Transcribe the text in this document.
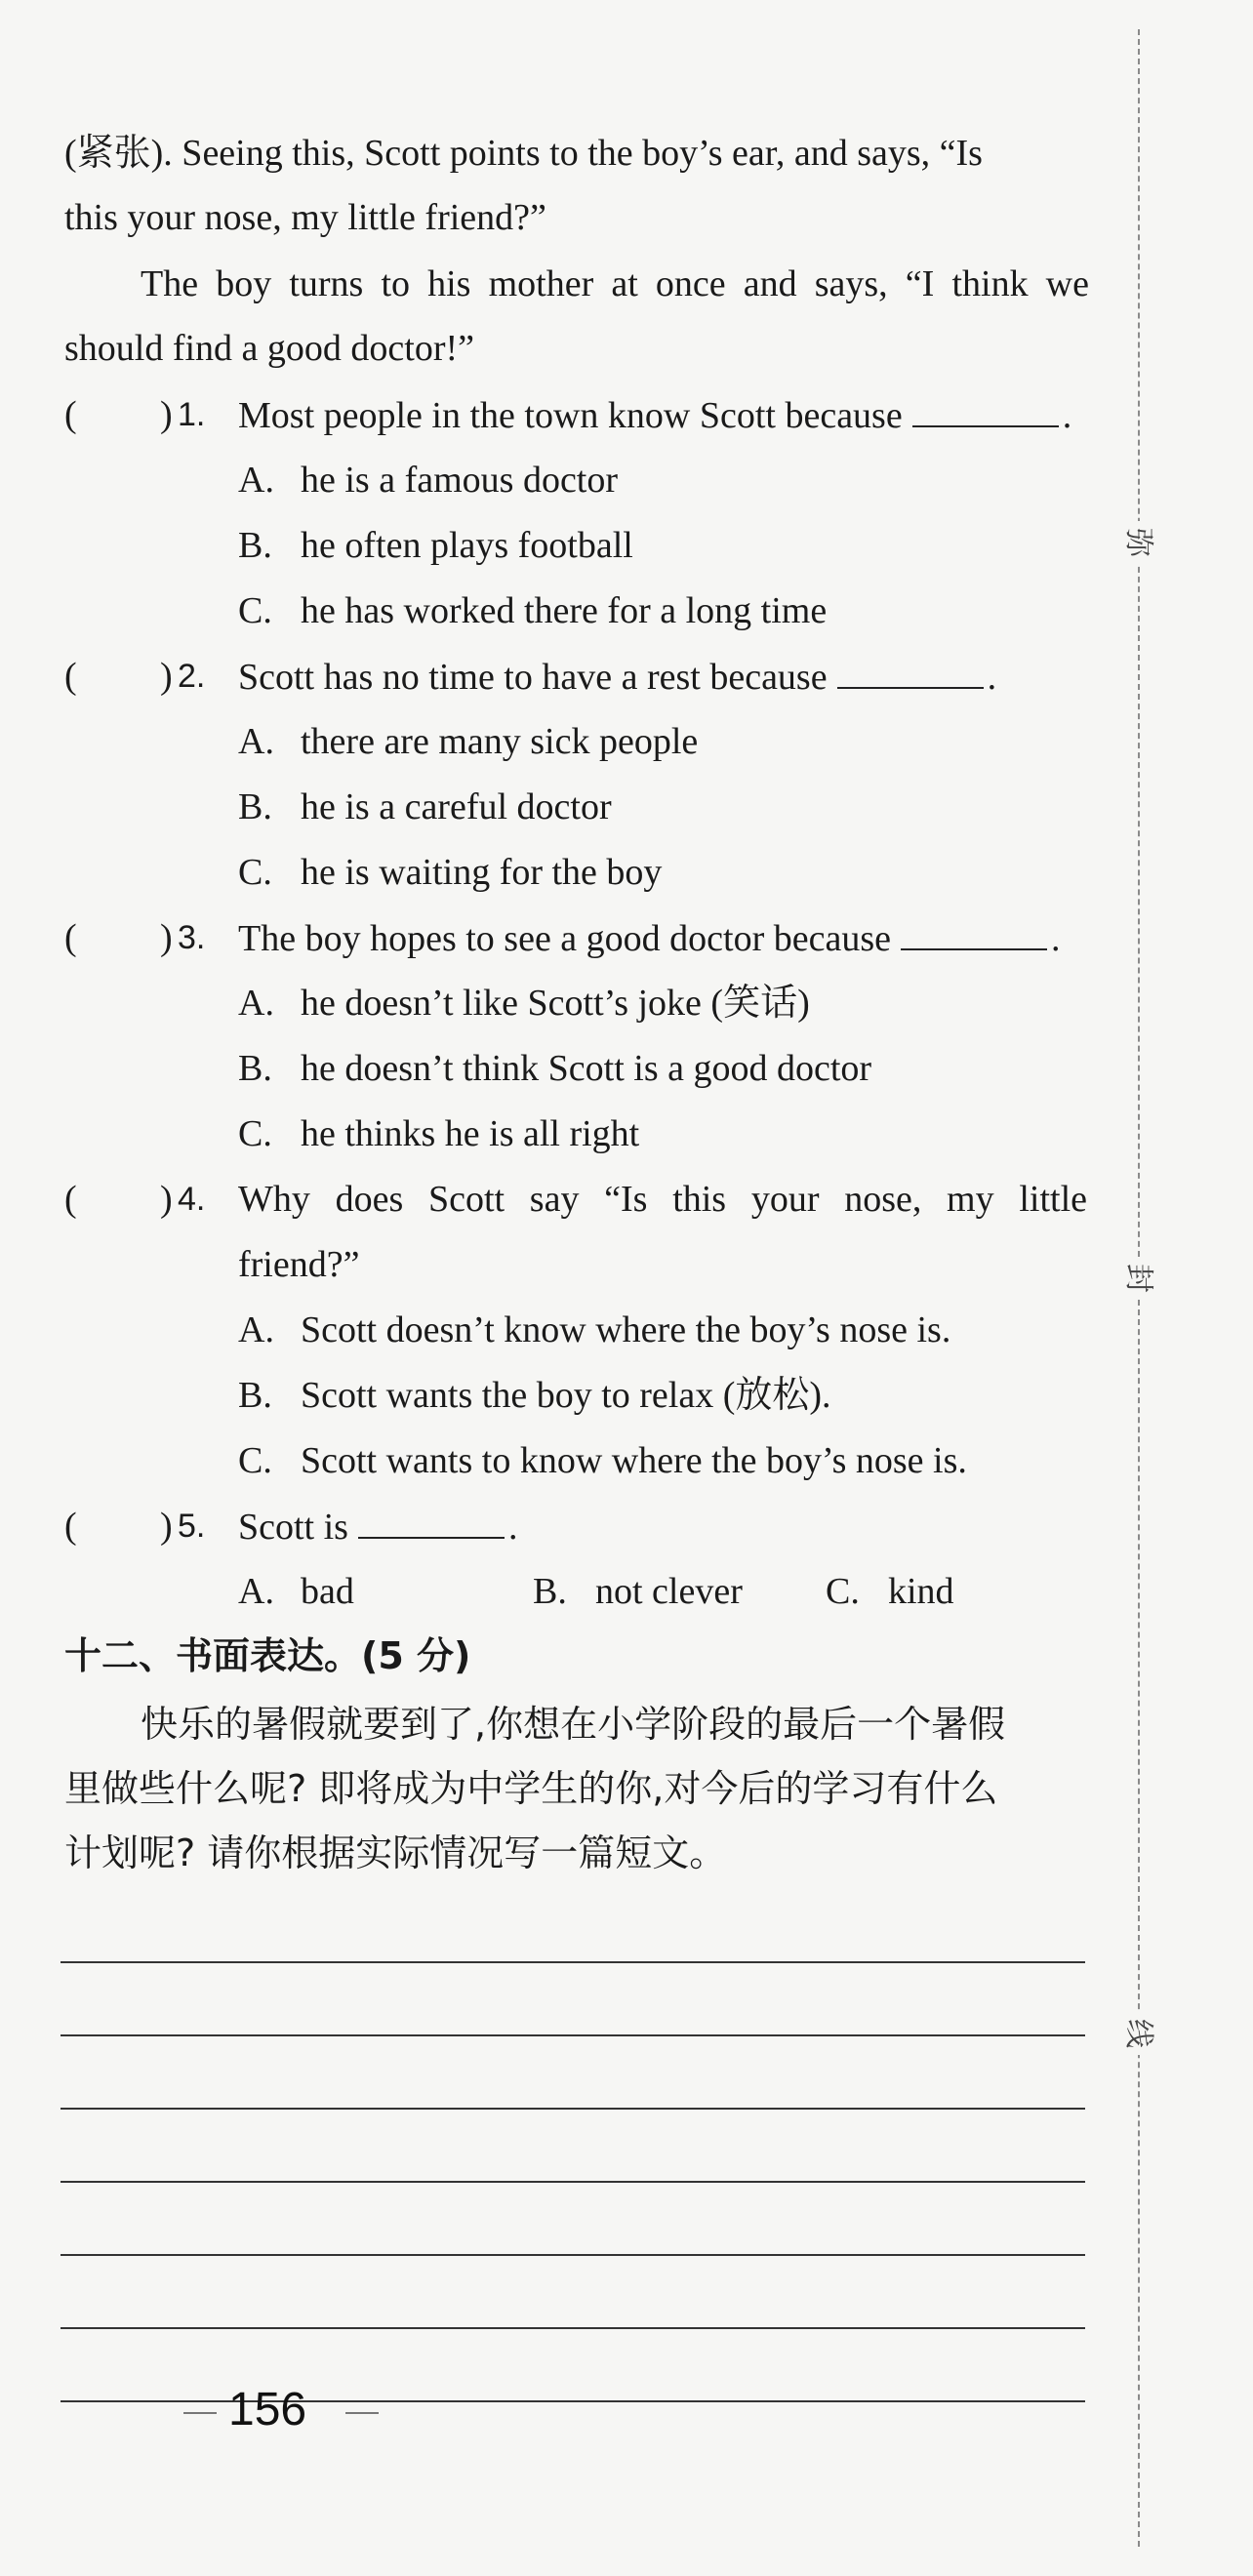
(紧张). Seeing this, Scott points to the boy’s ear, and says, “Is
this your nose, my little friend?”
The boy turns to his mother at once and says, “I think we should find a good doctor!”
( ) 1. Most people in the town know Scott because	.
A. he is a famous doctor
B. he often plays football
C. he has worked there for a long time
( ) 2. Scott has no time to have a rest because	.
A. there are many sick people
B. he is a careful doctor
C. he is waiting for the boy
( ) 3. The boy hopes to see a good doctor because	.
A. he doesn’t like Scott’s joke (笑话)
B. he doesn’t think Scott is a good doctor
C. he thinks he is all right
( ) 4. Why does Scott say “Is this your nose, my little
friend?”
A. Scott doesn’t know where the boy’s nose is.
B. Scott wants the boy to relax (放松).
C. Scott wants to know where the boy’s nose is.
( ) 5. Scott is	.
A. bad	B. not clever C. kind
十二、书面表达。(5 分)
快乐的暑假就要到了,你想在小学阶段的最后一个暑假
里做些什么呢? 即将成为中学生的你,对今后的学习有什么
计划呢? 请你根据实际情况写一篇短文。
156
弥
封
线
